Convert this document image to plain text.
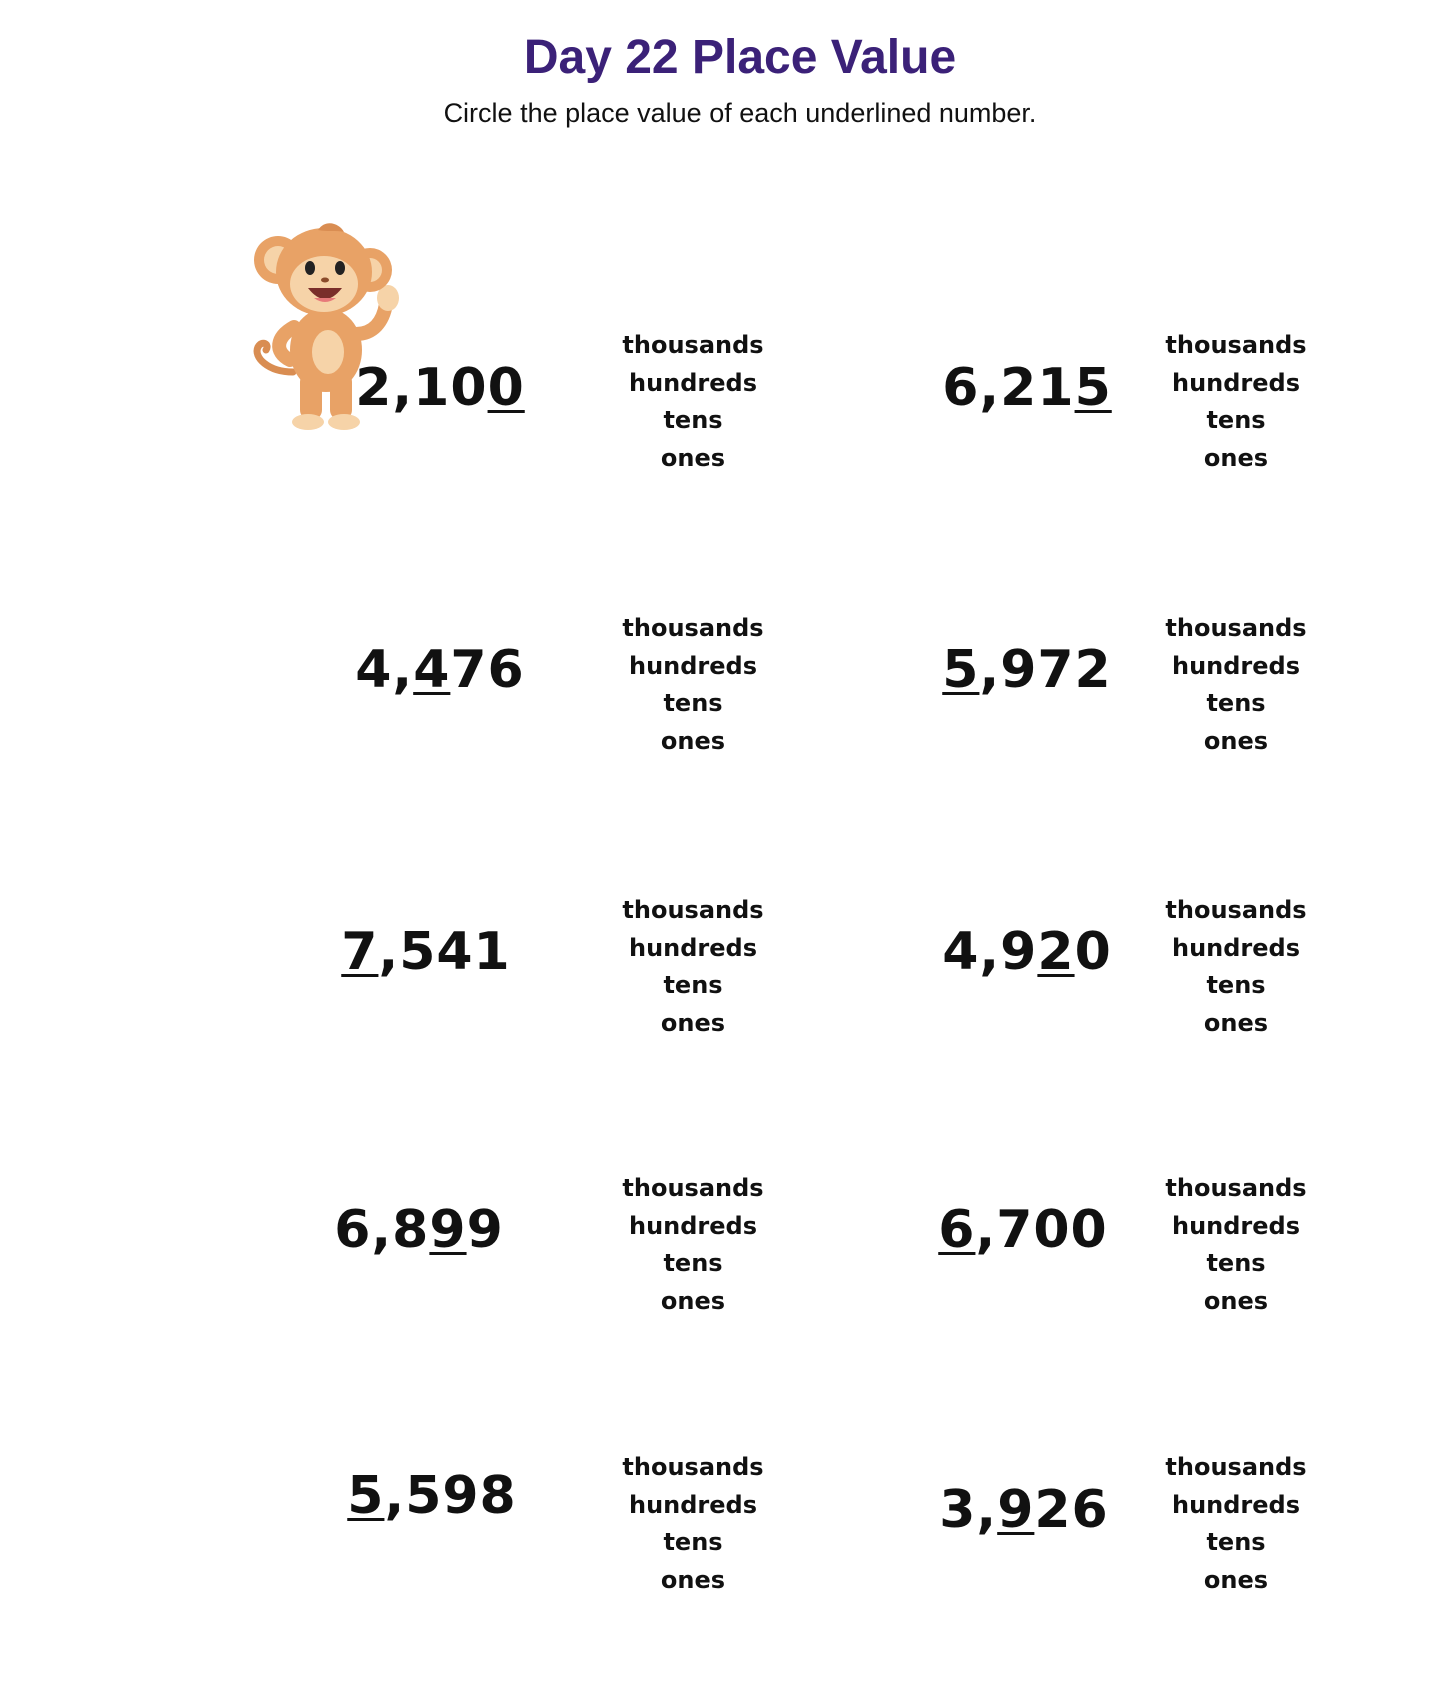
Day 22 Place Value
Circle the place value of each underlined number.
2,100
thousands
hundreds
tens
ones
6,215
thousands
hundreds
tens
ones
4,476
thousands
hundreds
tens
ones
5,972
thousands
hundreds
tens
ones
7,541
thousands
hundreds
tens
ones
4,920
thousands
hundreds
tens
ones
6,899
thousands
hundreds
tens
ones
6,700
thousands
hundreds
tens
ones
5,598	thousands
hundreds
tens
ones
3,926
thousands
hundreds
tens
ones
